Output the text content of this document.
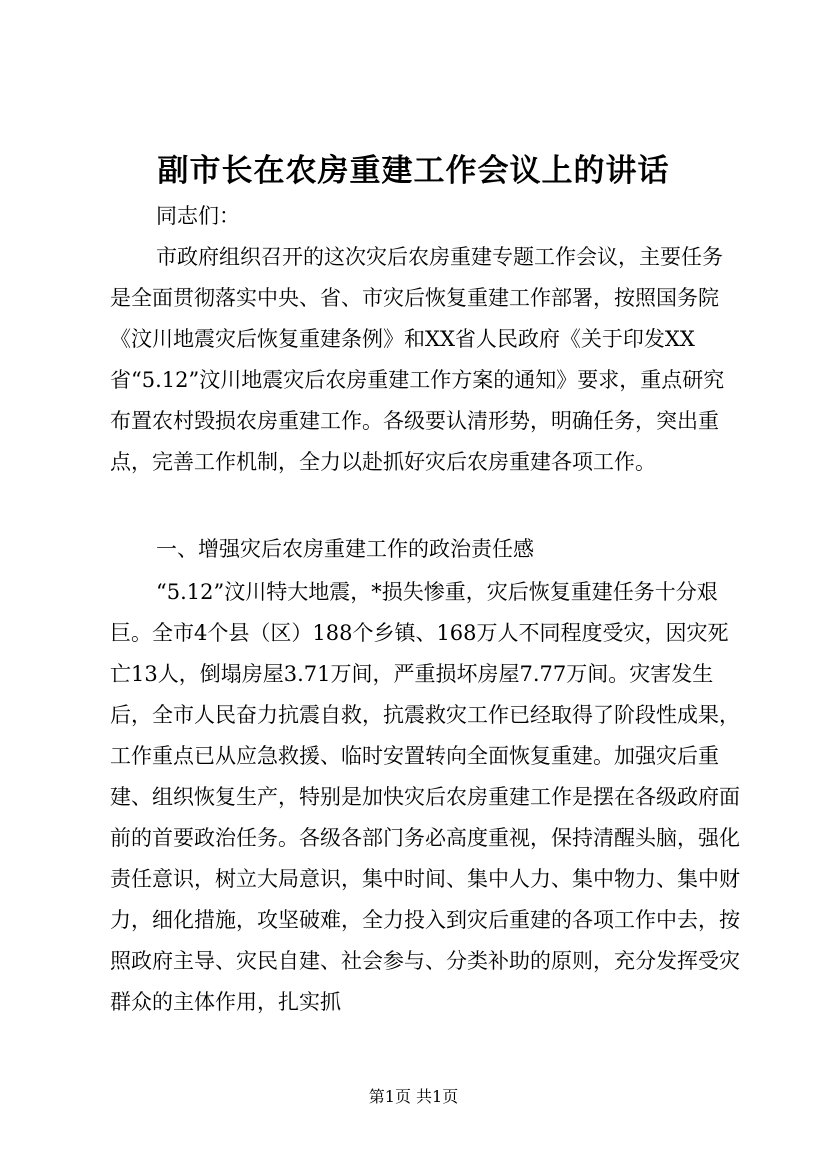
副市长在农房重建工作会议上的讲话

同志们：

市政府组织召开的这次灾后农房重建专题工作会议，主要任务是全面贯彻落实中央、省、市灾后恢复重建工作部署，按照国务院《汶川地震灾后恢复重建条例》和XX省人民政府《关于印发XX省“5.12”汶川地震灾后农房重建工作方案的通知》要求，重点研究布置农村毁损农房重建工作。各级要认清形势，明确任务，突出重点，完善工作机制，全力以赴抓好灾后农房重建各项工作。

一、增强灾后农房重建工作的政治责任感

“5.12”汶川特大地震，*损失惨重，灾后恢复重建任务十分艰巨。全市4个县（区）188个乡镇、168万人不同程度受灾，因灾死亡13人，倒塌房屋3.71万间，严重损坏房屋7.77万间。灾害发生后，全市人民奋力抗震自救，抗震救灾工作已经取得了阶段性成果，工作重点已从应急救援、临时安置转向全面恢复重建。加强灾后重建、组织恢复生产，特别是加快灾后农房重建工作是摆在各级政府面前的首要政治任务。各级各部门务必高度重视，保持清醒头脑，强化责任意识，树立大局意识，集中时间、集中人力、集中物力、集中财力，细化措施，攻坚破难，全力投入到灾后重建的各项工作中去，按照政府主导、灾民自建、社会参与、分类补助的原则，充分发挥受灾群众的主体作用，扎实抓

第1页 共1页
